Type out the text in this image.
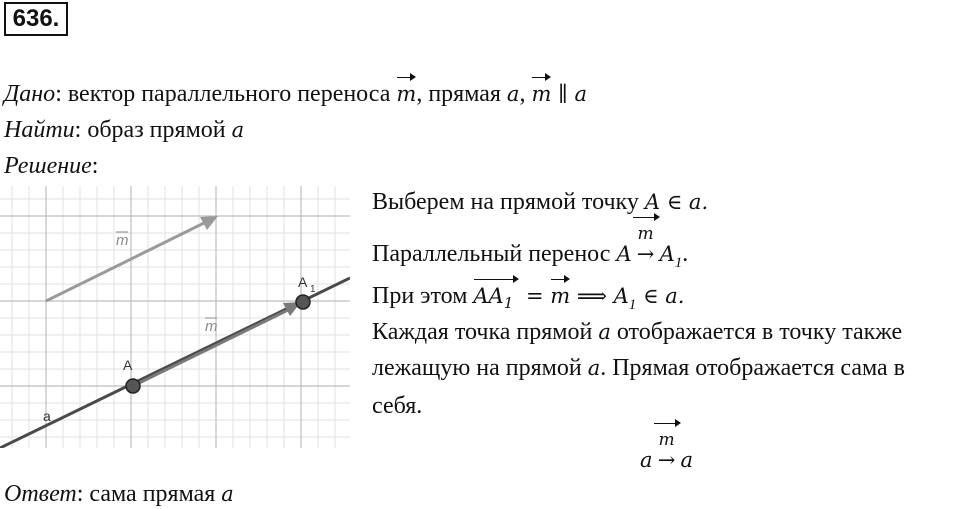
636.
Дано: вектор параллельного переноса m, прямая a, m ∥ a
Найти: образ прямой a
Решение:
m
m
A
A 1
a
Выберем на прямой точку A ∈ a.
Параллельный перенос A
m
→ $A_1$.
При этом $AA_1 = m$ ⟹ $A_1$ ∈ a.
Каждая точка прямой a отображается в точку также
лежащую на прямой a. Прямая отображается сама в
себя.
a
m
→ a
Ответ: сама прямая a
